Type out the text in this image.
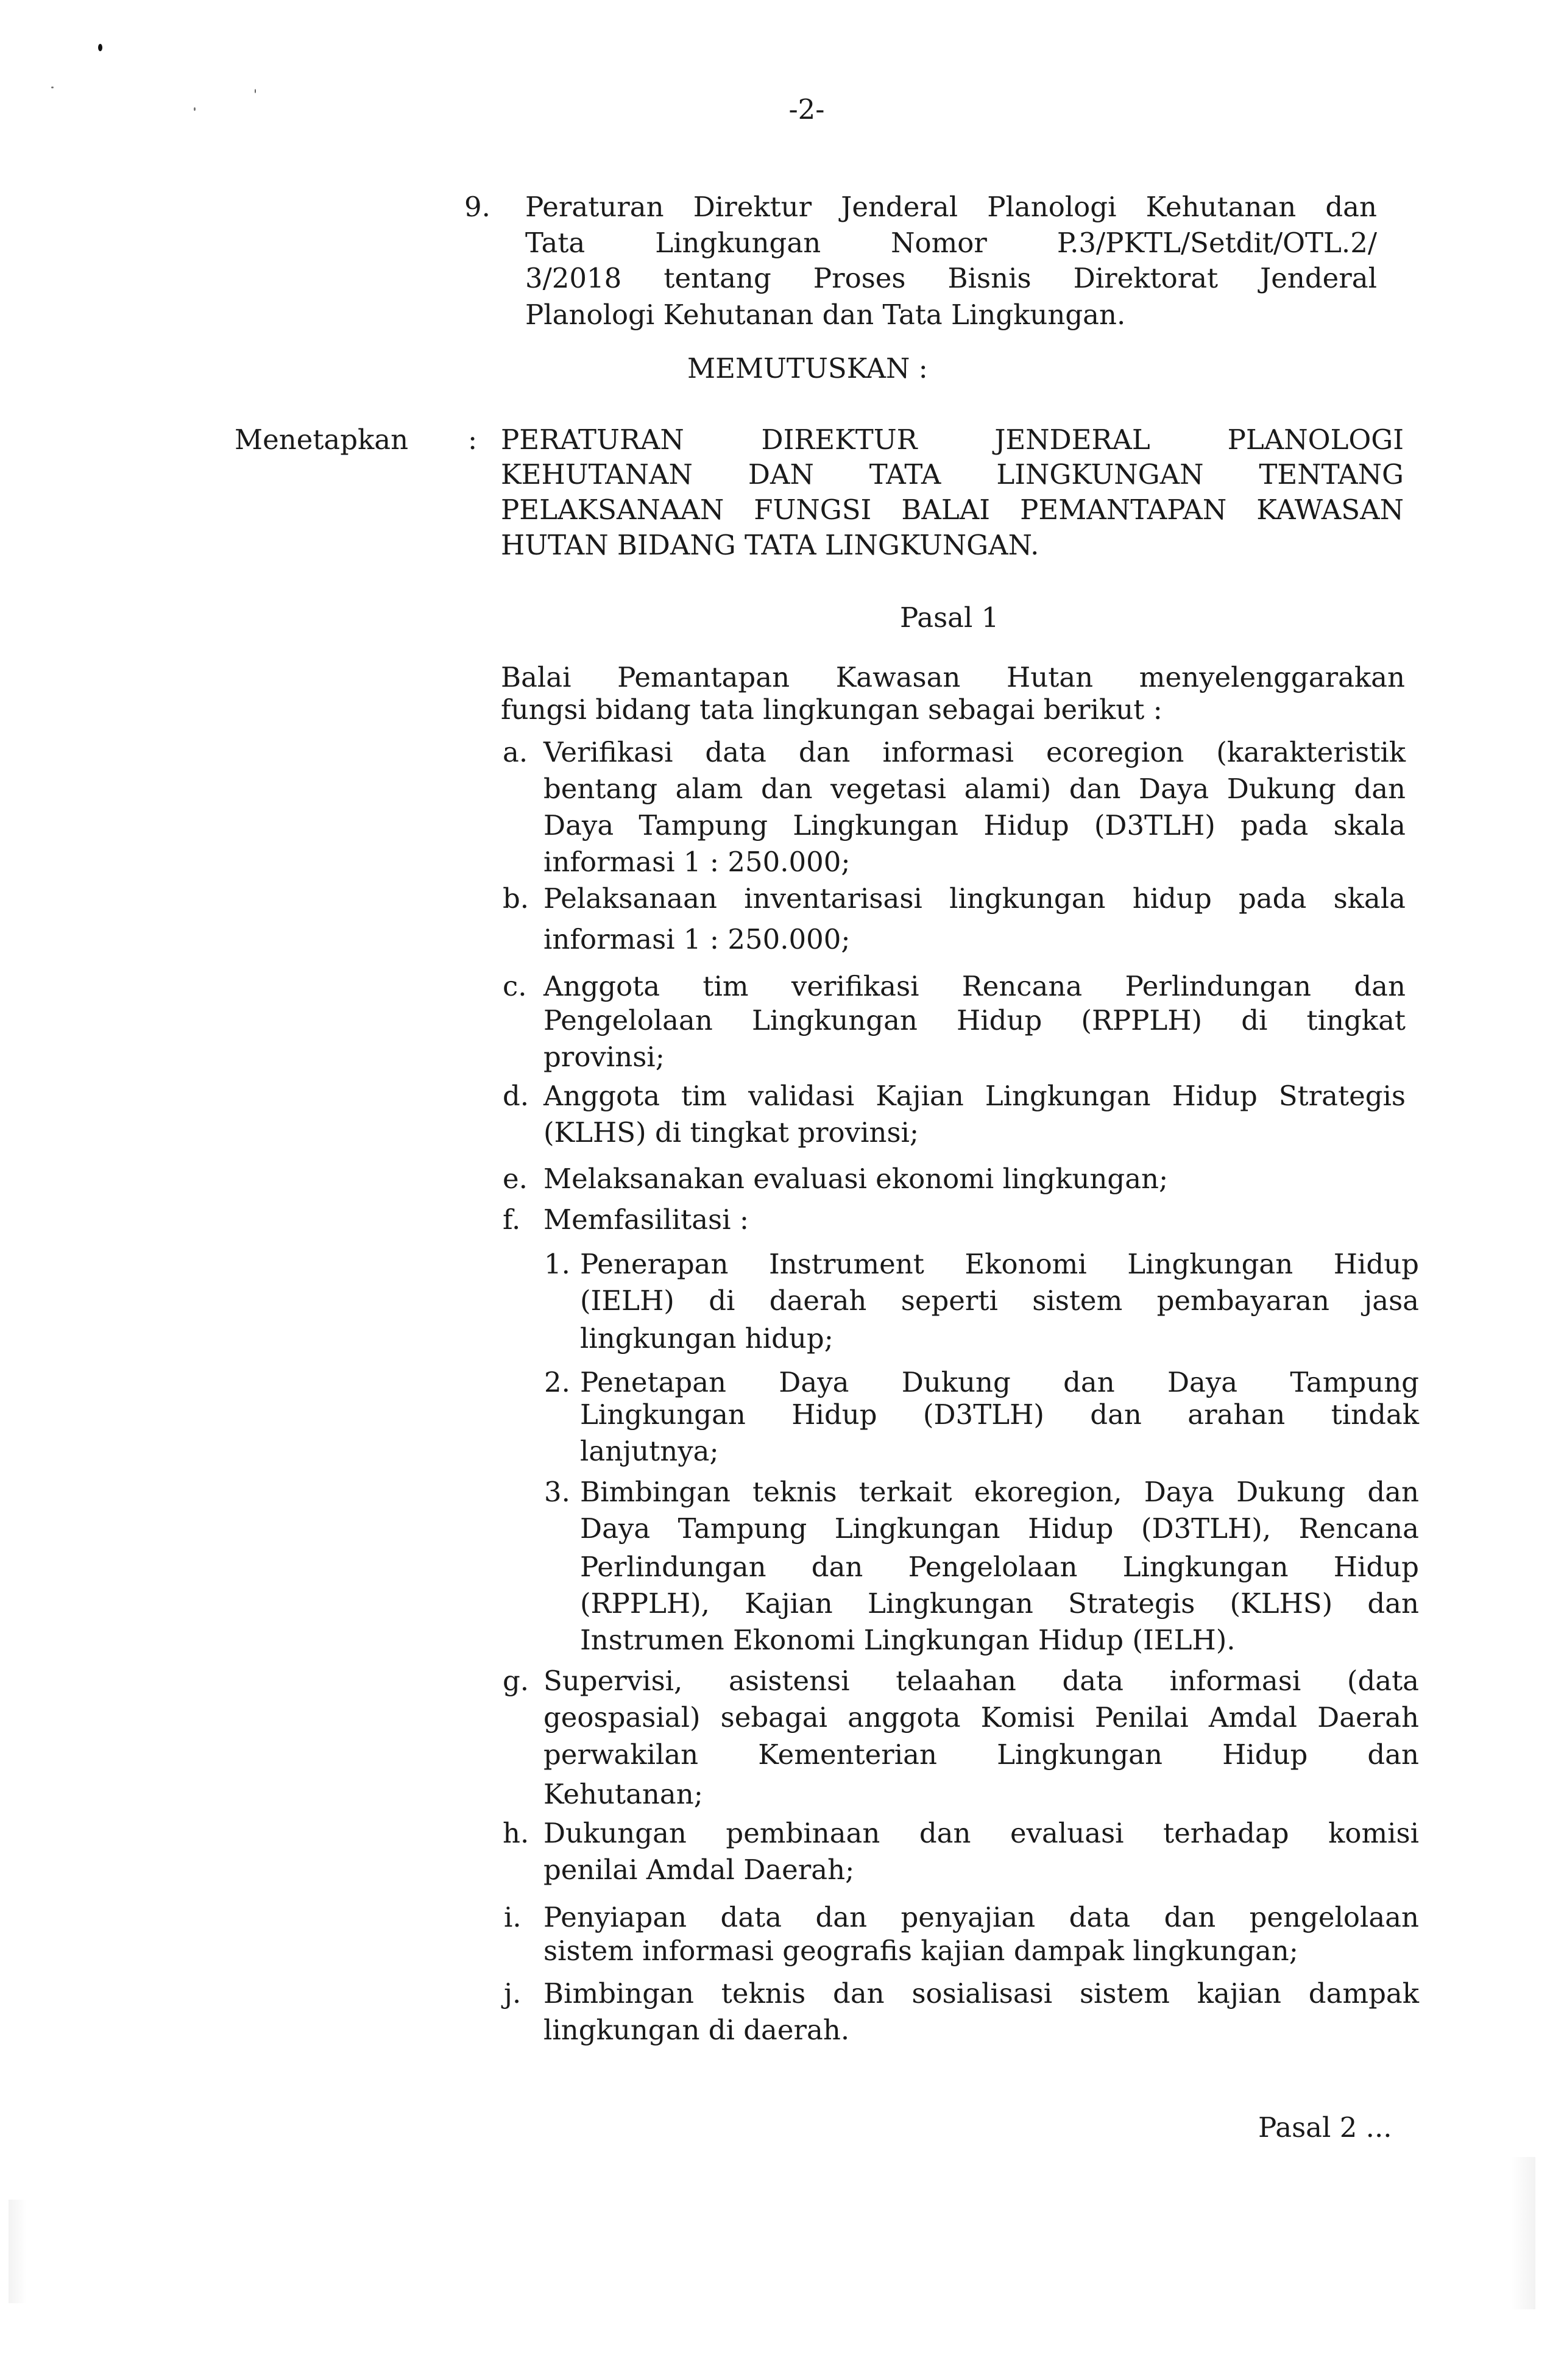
-2-
9. Peraturan Direktur Jenderal Planologi Kehutanan dan
Tata Lingkungan Nomor P.3/PKTL/Setdit/OTL.2/
3/2018 tentang Proses Bisnis Direktorat Jenderal
Planologi Kehutanan dan Tata Lingkungan.
MEMUTUSKAN :
Menetapkan : PERATURAN DIREKTUR JENDERAL PLANOLOGI
KEHUTANAN DAN TATA LINGKUNGAN TENTANG
PELAKSANAAN FUNGSI BALAI PEMANTAPAN KAWASAN
HUTAN BIDANG TATA LINGKUNGAN.
Pasal 1
Balai Pemantapan Kawasan Hutan menyelenggarakan
fungsi bidang tata lingkungan sebagai berikut :
a. Verifikasi data dan informasi ecoregion (karakteristik
bentang alam dan vegetasi alami) dan Daya Dukung dan
Daya Tampung Lingkungan Hidup (D3TLH) pada skala
informasi 1 : 250.000;
b. Pelaksanaan inventarisasi lingkungan hidup pada skala
informasi 1 : 250.000;
c. Anggota tim verifikasi Rencana Perlindungan dan
Pengelolaan Lingkungan Hidup (RPPLH) di tingkat
provinsi;
d. Anggota tim validasi Kajian Lingkungan Hidup Strategis
(KLHS) di tingkat provinsi;
e. Melaksanakan evaluasi ekonomi lingkungan;
f. Memfasilitasi :
1. Penerapan Instrument Ekonomi Lingkungan Hidup
(IELH) di daerah seperti sistem pembayaran jasa
lingkungan hidup;
2. Penetapan Daya Dukung dan Daya Tampung
Lingkungan Hidup (D3TLH) dan arahan tindak
lanjutnya;
3. Bimbingan teknis terkait ekoregion, Daya Dukung dan
Daya Tampung Lingkungan Hidup (D3TLH), Rencana
Perlindungan dan Pengelolaan Lingkungan Hidup
(RPPLH), Kajian Lingkungan Strategis (KLHS) dan
Instrumen Ekonomi Lingkungan Hidup (IELH).
g. Supervisi, asistensi telaahan data informasi (data
geospasial) sebagai anggota Komisi Penilai Amdal Daerah
perwakilan Kementerian Lingkungan Hidup dan
Kehutanan;
h. Dukungan pembinaan dan evaluasi terhadap komisi
penilai Amdal Daerah;
i. Penyiapan data dan penyajian data dan pengelolaan
sistem informasi geografis kajian dampak lingkungan;
j. Bimbingan teknis dan sosialisasi sistem kajian dampak
lingkungan di daerah.
Pasal 2 ...
